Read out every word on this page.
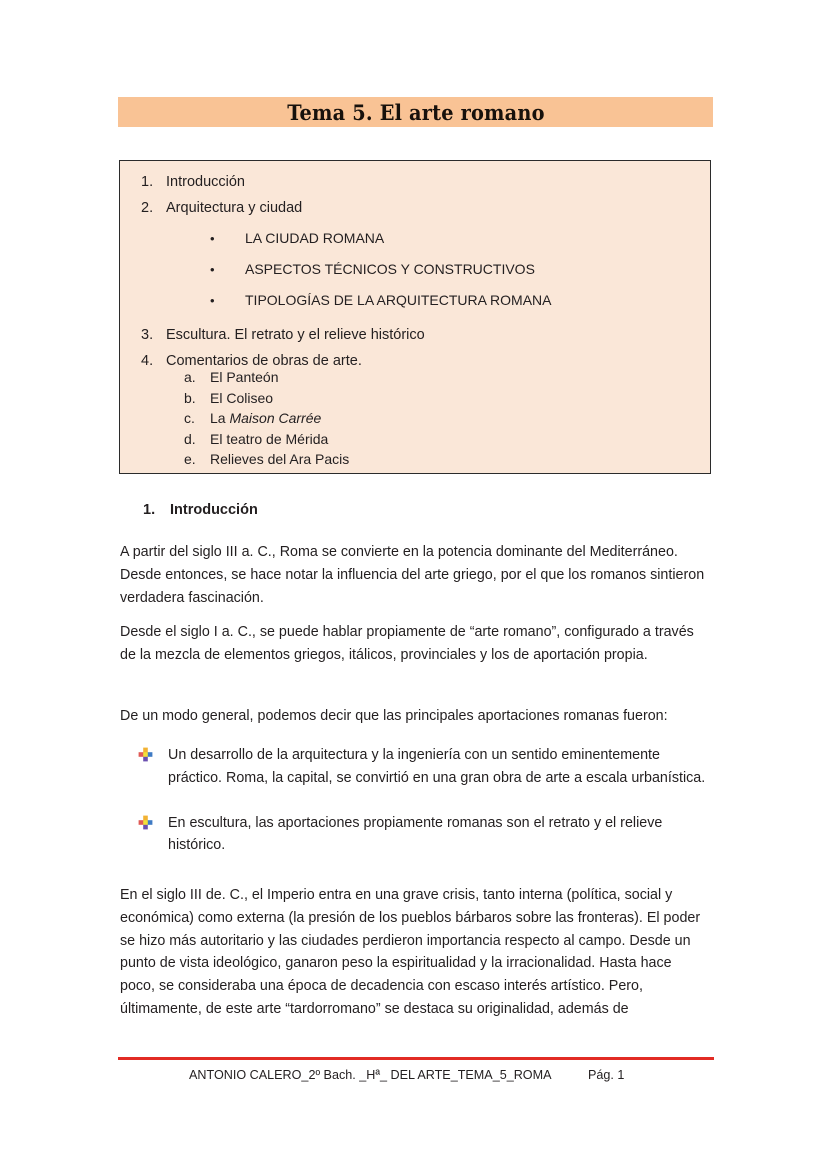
Tema 5. El arte romano
1. Introducción
2. Arquitectura y ciudad
•	LA CIUDAD ROMANA
•	ASPECTOS TÉCNICOS Y CONSTRUCTIVOS
•	TIPOLOGÍAS DE LA ARQUITECTURA ROMANA
3. Escultura. El retrato y el relieve histórico
4. Comentarios de obras de arte.
a.	El Panteón
b.	El Coliseo
c.	La Maison Carrée
d.	El teatro de Mérida
e.	Relieves del Ara Pacis
1. Introducción
A partir del siglo III a. C., Roma se convierte en la potencia dominante del Mediterráneo. Desde entonces, se hace notar la influencia del arte griego, por el que los romanos sintieron verdadera fascinación.
Desde el siglo I a. C., se puede hablar propiamente de “arte romano”, configurado a través de la mezcla de elementos griegos, itálicos, provinciales y los de aportación propia.
De un modo general, podemos decir que las principales aportaciones romanas fueron:
Un desarrollo de la arquitectura y la ingeniería con un sentido eminentemente práctico. Roma, la capital, se convirtió en una gran obra de arte a escala urbanística.
En escultura, las aportaciones propiamente romanas son el retrato y el relieve histórico.
En el siglo III de. C., el Imperio entra en una grave crisis, tanto interna (política, social y económica) como externa (la presión de los pueblos bárbaros sobre las fronteras). El poder se hizo más autoritario y las ciudades perdieron importancia respecto al campo. Desde un punto de vista ideológico, ganaron peso la espiritualidad y la irracionalidad. Hasta hace poco, se consideraba una época de decadencia con escaso interés artístico. Pero, últimamente, de este arte “tardorromano” se destaca su originalidad, además de
ANTONIO CALERO_2º Bach. _Hª_ DEL ARTE_TEMA_5_ROMA	Pág. 1
